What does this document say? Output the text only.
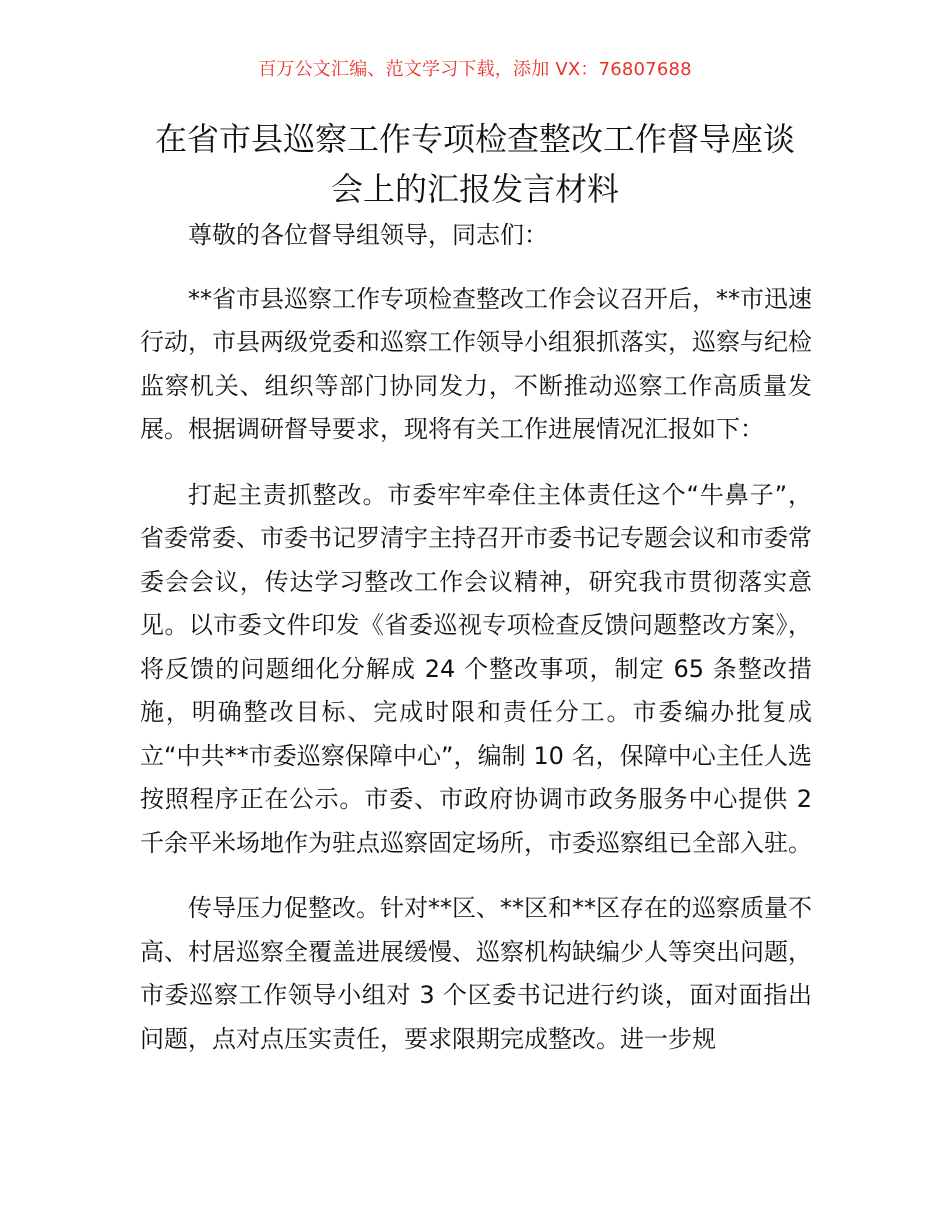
百万公文汇编、范文学习下载，添加 VX：76807688
在省市县巡察工作专项检查整改工作督导座谈
会上的汇报发言材料

尊敬的各位督导组领导，同志们：

**省市县巡察工作专项检查整改工作会议召开后，**市迅速行动，市县两级党委和巡察工作领导小组狠抓落实，巡察与纪检监察机关、组织等部门协同发力，不断推动巡察工作高质量发展。根据调研督导要求，现将有关工作进展情况汇报如下：

打起主责抓整改。市委牢牢牵住主体责任这个“牛鼻子”，省委常委、市委书记罗清宇主持召开市委书记专题会议和市委常委会会议，传达学习整改工作会议精神，研究我市贯彻落实意见。以市委文件印发《省委巡视专项检查反馈问题整改方案》，将反馈的问题细化分解成 24 个整改事项，制定 65 条整改措施，明确整改目标、完成时限和责任分工。市委编办批复成立“中共**市委巡察保障中心”，编制 10 名，保障中心主任人选按照程序正在公示。市委、市政府协调市政务服务中心提供 2 千余平米场地作为驻点巡察固定场所，市委巡察组已全部入驻。

传导压力促整改。针对**区、**区和**区存在的巡察质量不高、村居巡察全覆盖进展缓慢、巡察机构缺编少人等突出问题，市委巡察工作领导小组对 3 个区委书记进行约谈，面对面指出问题，点对点压实责任，要求限期完成整改。进一步规
